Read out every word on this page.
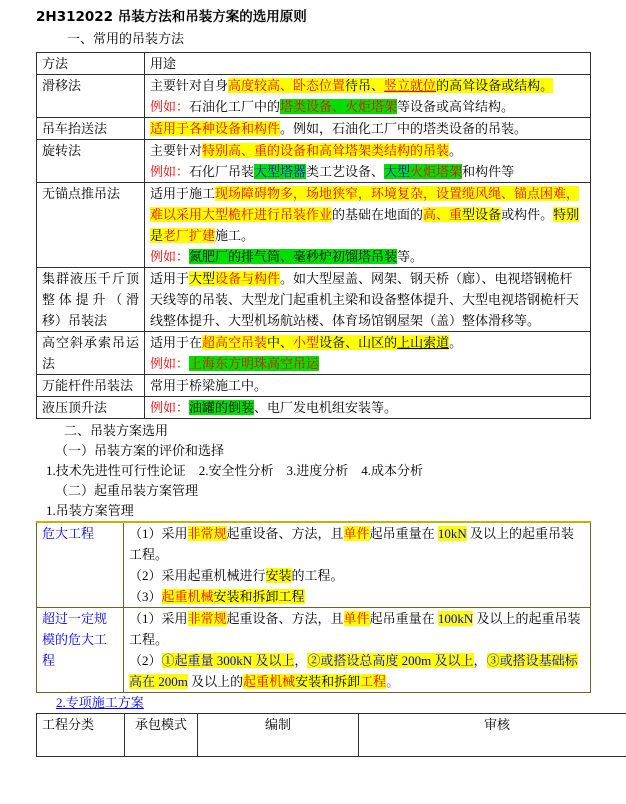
2H312022 吊装方法和吊装方案的选用原则
一、常用的吊装方法
方法	用途
滑移法	主要针对自身高度较高、卧态位置待吊、竖立就位的高耸设备或结构。
例如：石油化工厂中的塔类设备、火炬塔架等设备或高耸结构。

吊车抬送法	适用于各种设备和构件。例如，石油化工厂中的塔类设备的吊装。

旋转法	主要针对特别高、重的设备和高耸塔架类结构的吊装。
例如：石化厂吊装大型塔器类工艺设备、大型火炬塔架和构件等

无锚点推吊法	适用于施工现场障碍物多，场地狭窄，环境复杂，设置缆风绳、锚点困难，难以采用大型桅杆进行吊装作业的基础在地面的高、重型设备或构件。特别是老厂扩建施工。
例如：氮肥厂的排气筒、毫秒炉初馏塔吊装等。

集群液压千斤顶整体提升（滑移）吊装法	适用于大型设备与构件。如大型屋盖、网架、钢天桥（廊）、电视塔钢桅杆天线等的吊装、大型龙门起重机主梁和设备整体提升、大型电视塔钢桅杆天线整体提升、大型机场航站楼、体育场馆钢屋架（盖）整体滑移等。

高空斜承索吊运法	适用于在超高空吊装中、小型设备、山区的上山索道。
例如：上海东方明珠高空吊运

万能杆件吊装法	常用于桥梁施工中。

液压顶升法	例如：油罐的倒装、电厂发电机组安装等。
二、吊装方案选用
（一）吊装方案的评价和选择
1.技术先进性可行性论证　2.安全性分析　3.进度分析　4.成本分析
（二）起重吊装方案管理
1.吊装方案管理
危大工程	（1）采用非常规起重设备、方法，且单件起吊重量在 10kN 及以上的起重吊装工程。
（2）采用起重机械进行安装的工程。
（3）起重机械安装和拆卸工程

超过一定规模的危大工程	（1）采用非常规起重设备、方法，且单件起吊重量在 100kN 及以上的起重吊装工程。
（2）①起重量 300kN 及以上，②或搭设总高度 200m 及以上，③或搭设基础标高在 200m 及以上的起重机械安装和拆卸工程。
2.专项施工方案
工程分类	承包模式	编制	审核
